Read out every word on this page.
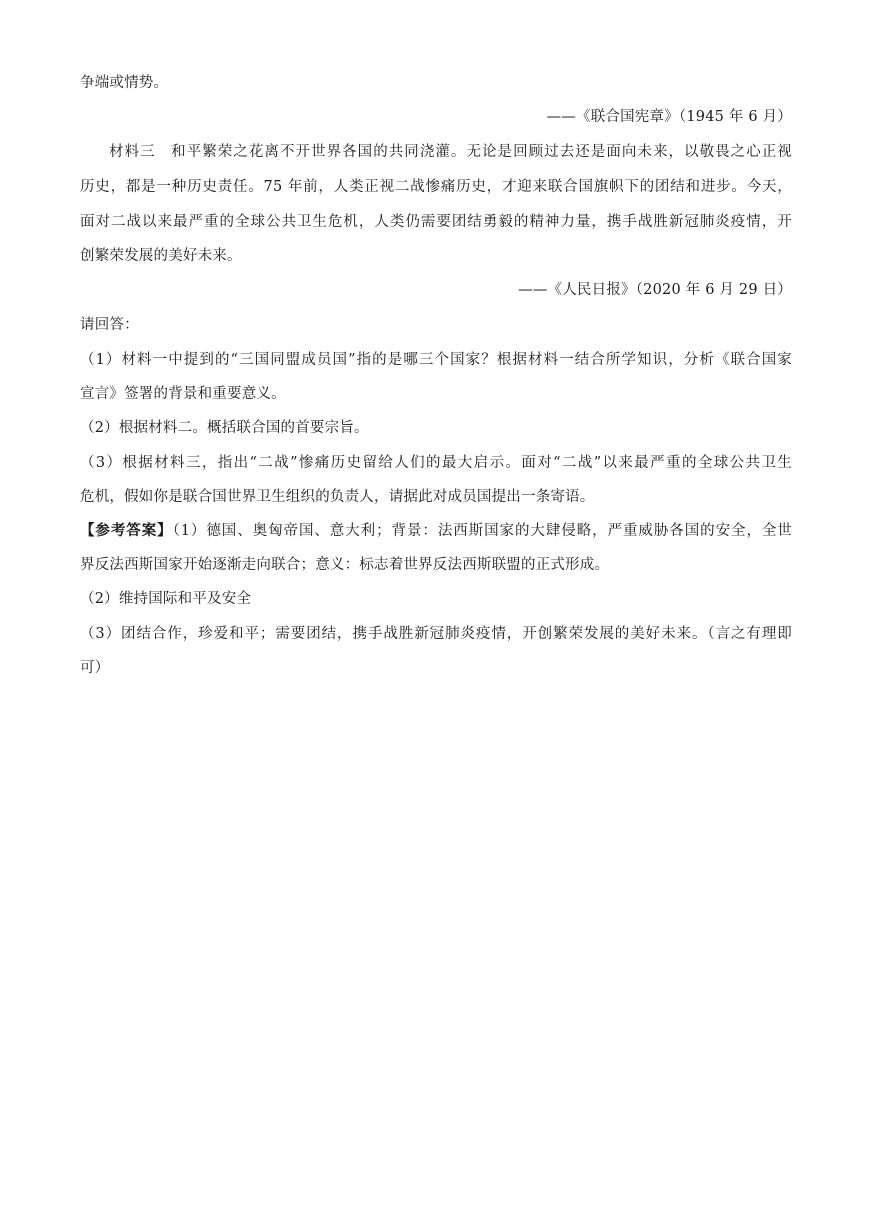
争端或情势。
——《联合国宪章》（1945 年 6 月）
材料三　和平繁荣之花离不开世界各国的共同浇灌。无论是回顾过去还是面向未来，以敬畏之心正视
历史，都是一种历史责任。75 年前，人类正视二战惨痛历史，才迎来联合国旗帜下的团结和进步。今天，
面对二战以来最严重的全球公共卫生危机，人类仍需要团结勇毅的精神力量，携手战胜新冠肺炎疫情，开
创繁荣发展的美好未来。
——《人民日报》（2020 年 6 月 29 日）
请回答：
（1）材料一中提到的“三国同盟成员国”指的是哪三个国家？根据材料一结合所学知识，分析《联合国家
宣言》签署的背景和重要意义。
（2）根据材料二。概括联合国的首要宗旨。
（3）根据材料三，指出“二战”惨痛历史留给人们的最大启示。面对“二战”以来最严重的全球公共卫生
危机，假如你是联合国世界卫生组织的负责人，请据此对成员国提出一条寄语。
【参考答案】（1）德国、奥匈帝国、意大利；背景：法西斯国家的大肆侵略，严重威胁各国的安全，全世
界反法西斯国家开始逐渐走向联合；意义：标志着世界反法西斯联盟的正式形成。
（2）维持国际和平及安全
（3）团结合作，珍爱和平；需要团结，携手战胜新冠肺炎疫情，开创繁荣发展的美好未来。（言之有理即
可）
